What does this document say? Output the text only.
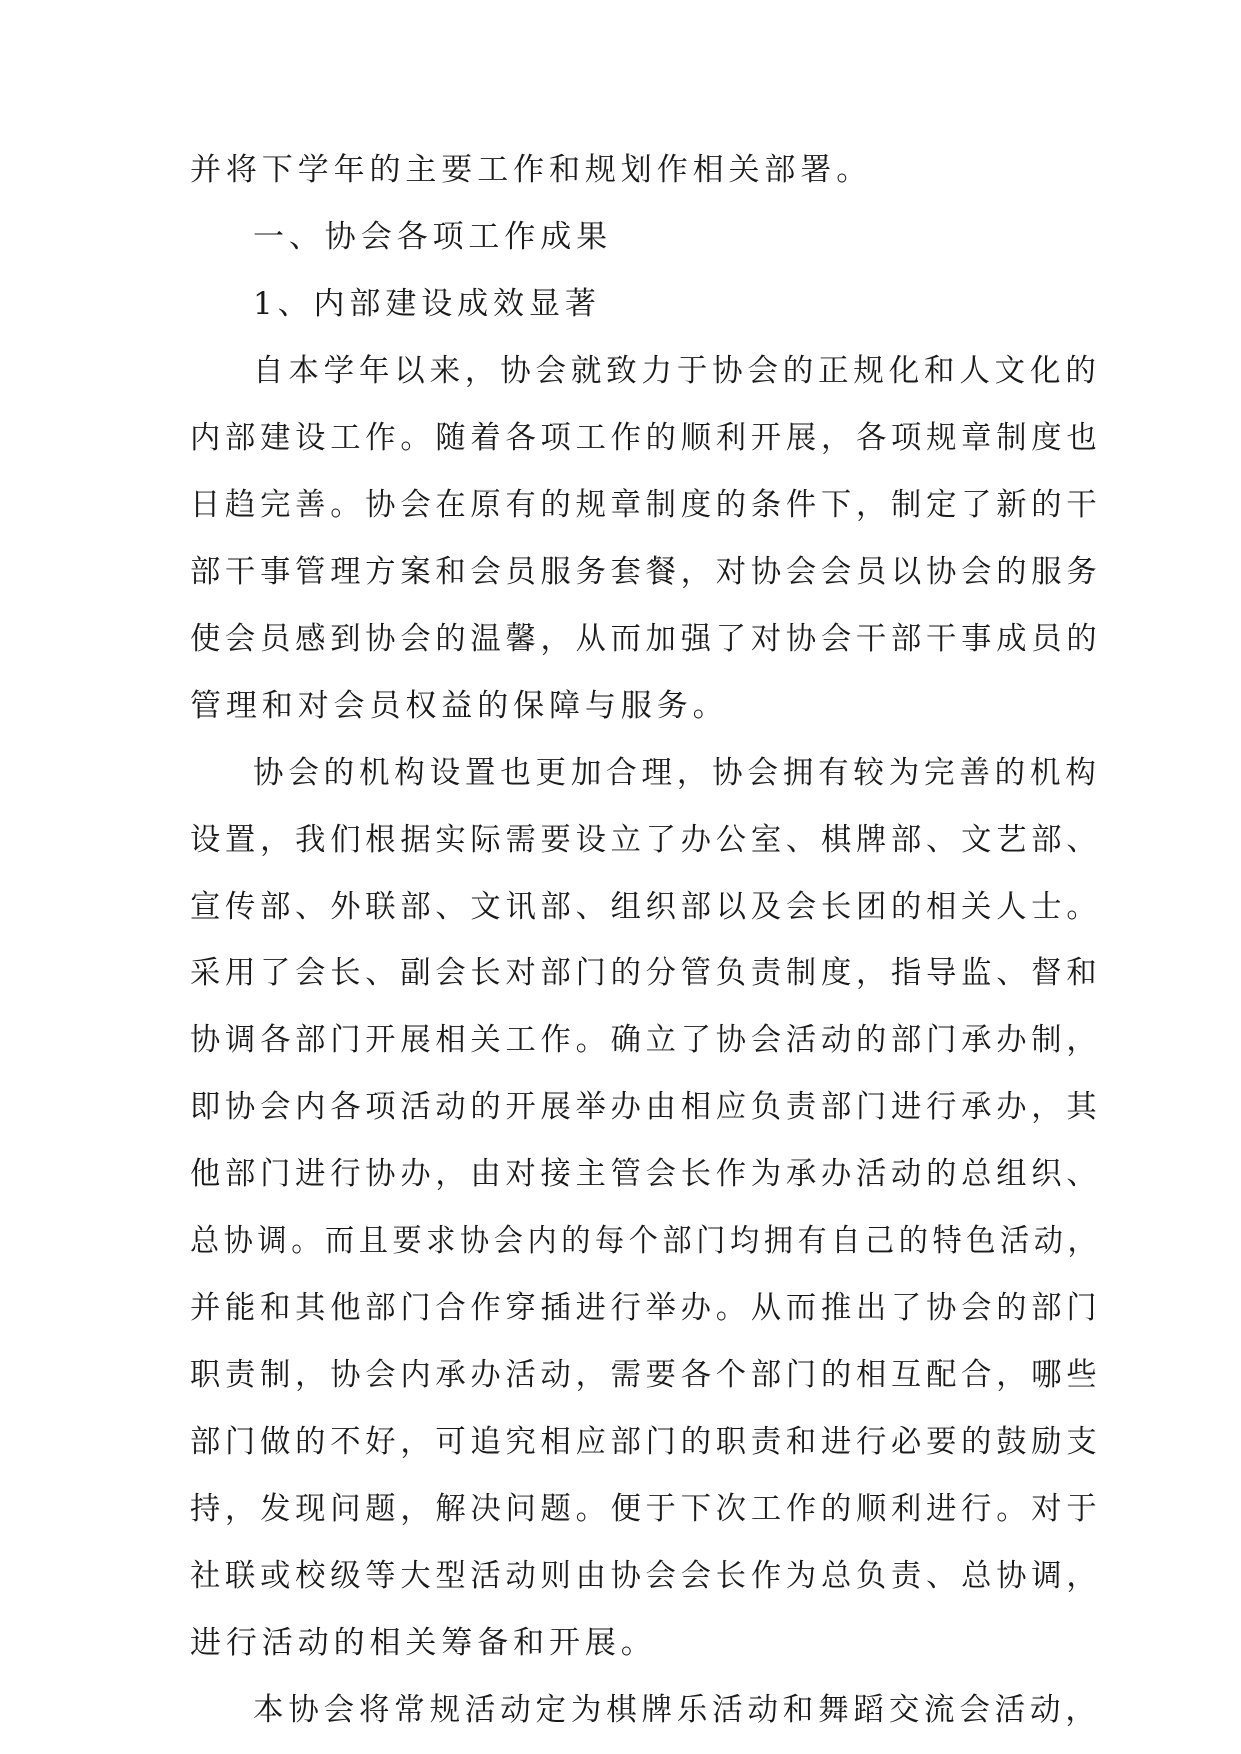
并将下学年的主要工作和规划作相关部署。
一、协会各项工作成果
1、内部建设成效显著
自本学年以来，协会就致力于协会的正规化和人文化的
内部建设工作。随着各项工作的顺利开展，各项规章制度也
日趋完善。协会在原有的规章制度的条件下，制定了新的干
部干事管理方案和会员服务套餐，对协会会员以协会的服务
使会员感到协会的温馨，从而加强了对协会干部干事成员的
管理和对会员权益的保障与服务。
协会的机构设置也更加合理，协会拥有较为完善的机构
设置，我们根据实际需要设立了办公室、棋牌部、文艺部、
宣传部、外联部、文讯部、组织部以及会长团的相关人士。
采用了会长、副会长对部门的分管负责制度，指导监、督和
协调各部门开展相关工作。确立了协会活动的部门承办制，
即协会内各项活动的开展举办由相应负责部门进行承办，其
他部门进行协办，由对接主管会长作为承办活动的总组织、
总协调。而且要求协会内的每个部门均拥有自己的特色活动，
并能和其他部门合作穿插进行举办。从而推出了协会的部门
职责制，协会内承办活动，需要各个部门的相互配合，哪些
部门做的不好，可追究相应部门的职责和进行必要的鼓励支
持，发现问题，解决问题。便于下次工作的顺利进行。对于
社联或校级等大型活动则由协会会长作为总负责、总协调，
进行活动的相关筹备和开展。
本协会将常规活动定为棋牌乐活动和舞蹈交流会活动，
